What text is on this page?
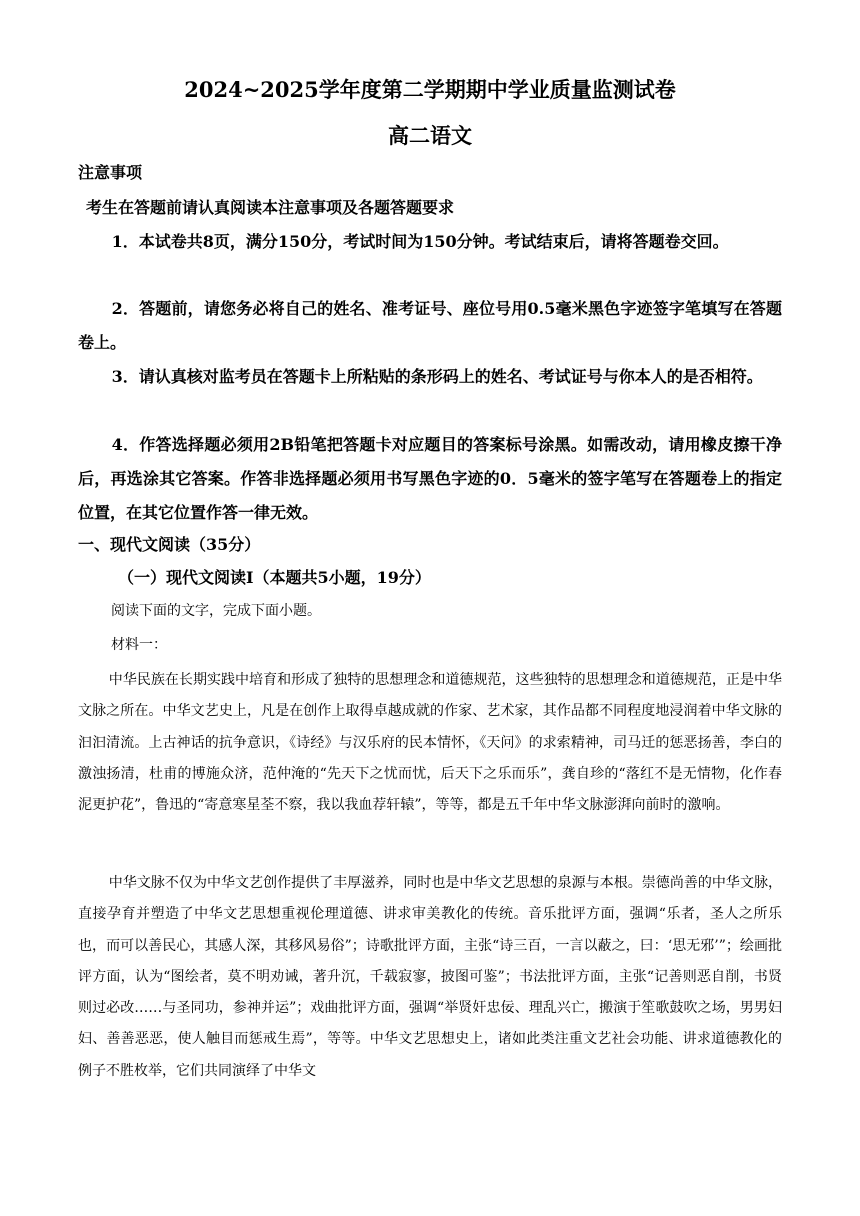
2024~2025学年度第二学期期中学业质量监测试卷
高二语文
注意事项
考生在答题前请认真阅读本注意事项及各题答题要求

1．本试卷共8页，满分150分，考试时间为150分钟。考试结束后，请将答题卷交回。

2．答题前，请您务必将自己的姓名、准考证号、座位号用0.5毫米黑色字迹签字笔填写在答题卷上。

3．请认真核对监考员在答题卡上所粘贴的条形码上的姓名、考试证号与你本人的是否相符。

4．作答选择题必须用2B铅笔把答题卡对应题目的答案标号涂黑。如需改动，请用橡皮擦干净后，再选涂其它答案。作答非选择题必须用书写黑色字迹的0．5毫米的签字笔写在答题卷上的指定位置，在其它位置作答一律无效。

一、现代文阅读（35分）
（一）现代文阅读Ⅰ（本题共5小题，19分）
阅读下面的文字，完成下面小题。
材料一：

中华民族在长期实践中培育和形成了独特的思想理念和道德规范，这些独特的思想理念和道德规范，正是中华文脉之所在。中华文艺史上，凡是在创作上取得卓越成就的作家、艺术家，其作品都不同程度地浸润着中华文脉的汩汩清流。上古神话的抗争意识，《诗经》与汉乐府的民本情怀，《天问》的求索精神，司马迁的惩恶扬善，李白的激浊扬清，杜甫的博施众济，范仲淹的“先天下之忧而忧，后天下之乐而乐”，龚自珍的“落红不是无情物，化作春泥更护花”，鲁迅的“寄意寒星荃不察，我以我血荐轩辕”，等等，都是五千年中华文脉澎湃向前时的激响。

中华文脉不仅为中华文艺创作提供了丰厚滋养，同时也是中华文艺思想的泉源与本根。崇德尚善的中华文脉，直接孕育并塑造了中华文艺思想重视伦理道德、讲求审美教化的传统。音乐批评方面，强调“乐者，圣人之所乐也，而可以善民心，其感人深，其移风易俗”；诗歌批评方面，主张“诗三百，一言以蔽之，曰：‘思无邪’”；绘画批评方面，认为“图绘者，莫不明劝诫，著升沉，千载寂寥，披图可鉴”；书法批评方面，主张“记善则恶自削，书贤则过必改……与圣同功，参神并运”；戏曲批评方面，强调“举贤奸忠佞、理乱兴亡，搬演于笙歌鼓吹之场，男男妇妇、善善恶恶，使人触目而惩戒生焉”，等等。中华文艺思想史上，诸如此类注重文艺社会功能、讲求道德教化的例子不胜枚举，它们共同演绎了中华文
